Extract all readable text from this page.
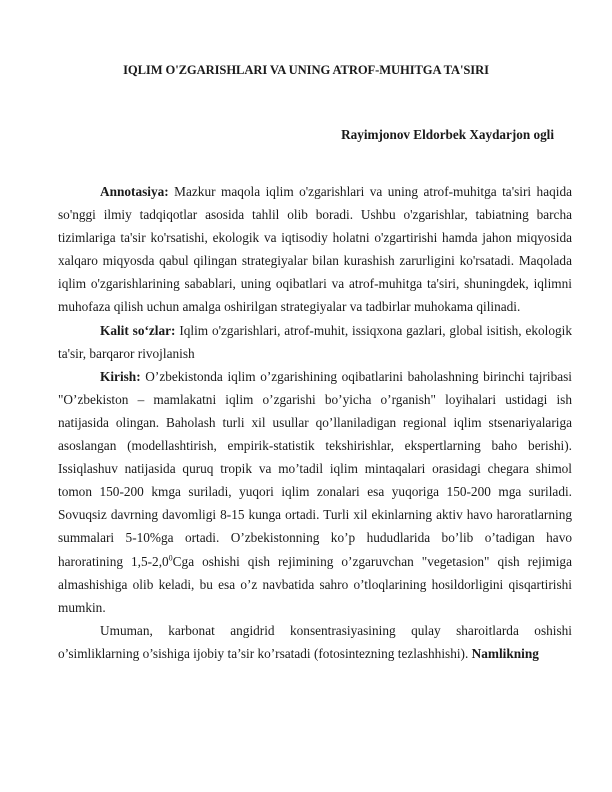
IQLIM O'ZGARISHLARI VA UNING ATROF-MUHITGA TA'SIRI
Rayimjonov Eldorbek Xaydarjon ogli

Annotasiya: Mazkur maqola iqlim o'zgarishlari va uning atrof-muhitga ta'siri haqida so'nggi ilmiy tadqiqotlar asosida tahlil olib boradi. Ushbu o'zgarishlar, tabiatning barcha tizimlariga ta'sir ko'rsatishi, ekologik va iqtisodiy holatni o'zgartirishi hamda jahon miqyosida xalqaro miqyosda qabul qilingan strategiyalar bilan kurashish zarurligini ko'rsatadi. Maqolada iqlim o'zgarishlarining sabablari, uning oqibatlari va atrof-muhitga ta'siri, shuningdek, iqlimni muhofaza qilish uchun amalga oshirilgan strategiyalar va tadbirlar muhokama qilinadi.

Kalit so‘zlar: Iqlim o'zgarishlari, atrof-muhit, issiqxona gazlari, global isitish, ekologik ta'sir, barqaror rivojlanish

Kirish: O’zbekistonda iqlim o’zgarishining oqibatlarini baholashning birinchi tajribasi "O’zbekiston – mamlakatni iqlim o’zgarishi bo’yicha o’rganish" loyihalari ustidagi ish natijasida olingan. Baholash turli xil usullar qo’llaniladigan regional iqlim stsenariyalariga asoslangan (modellashtirish, empirik-statistik tekshirishlar, ekspertlarning baho berishi). Issiqlashuv natijasida quruq tropik va mo’tadil iqlim mintaqalari orasidagi chegara shimol tomon 150-200 kmga suriladi, yuqori iqlim zonalari esa yuqoriga 150-200 mga suriladi. Sovuqsiz davrning davomligi 8-15 kunga ortadi. Turli xil ekinlarning aktiv havo haroratlarning summalari 5-10%ga ortadi. O’zbekistonning ko’p hududlarida bo’lib o’tadigan havo haroratining $1,5-2,0^0Cga$ oshishi qish rejimining o’zgaruvchan "vegetasion" qish rejimiga almashishiga olib keladi, bu esa o’z navbatida sahro o’tloqlarining hosildorligini qisqartirishi mumkin.

Umuman, karbonat angidrid konsentrasiyasining qulay sharoitlarda oshishi o’simliklarning o’sishiga ijobiy ta’sir ko’rsatadi (fotosintezning tezlashhishi). Namlikning
